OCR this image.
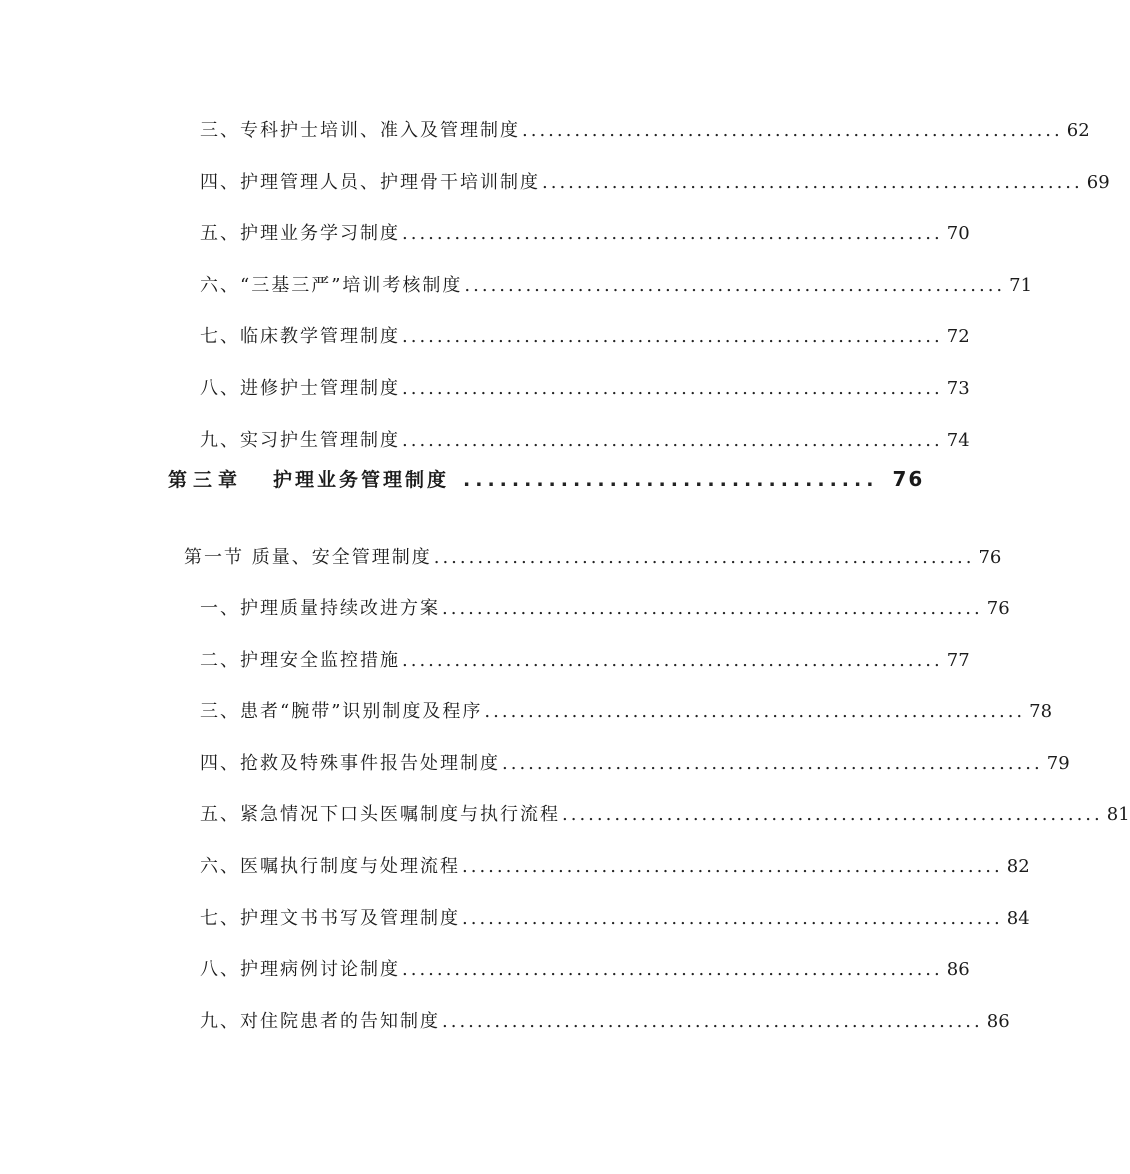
三、专科护士培训、准入及管理制度 .............................................................. 62
四、护理管理人员、护理骨干培训制度 .............................................................. 69
五、护理业务学习制度 .............................................................. 70
六、“三基三严”培训考核制度 .............................................................. 71
七、临床教学管理制度 .............................................................. 72
八、进修护士管理制度 .............................................................. 73
九、实习护生管理制度 .............................................................. 74
第三章 护理业务管理制度 .................................. 76
第一节 质量、安全管理制度 .............................................................. 76
一、护理质量持续改进方案 .............................................................. 76
二、护理安全监控措施 .............................................................. 77
三、患者“腕带”识别制度及程序 .............................................................. 78
四、抢救及特殊事件报告处理制度 .............................................................. 79
五、紧急情况下口头医嘱制度与执行流程 .............................................................. 81
六、医嘱执行制度与处理流程 .............................................................. 82
七、护理文书书写及管理制度 .............................................................. 84
八、护理病例讨论制度 .............................................................. 86
九、对住院患者的告知制度 .............................................................. 86
